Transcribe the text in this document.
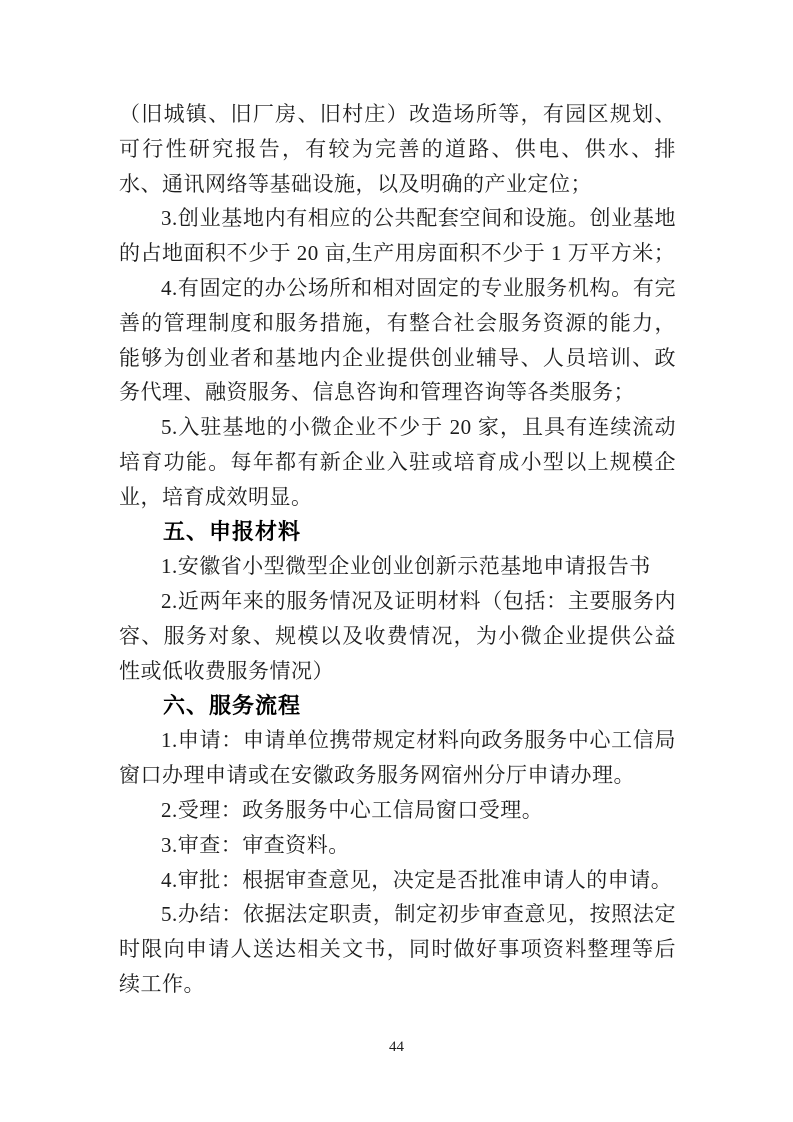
（旧城镇、旧厂房、旧村庄）改造场所等，有园区规划、可行性研究报告，有较为完善的道路、供电、供水、排水、通讯网络等基础设施，以及明确的产业定位；

3.创业基地内有相应的公共配套空间和设施。创业基地的占地面积不少于 20 亩,生产用房面积不少于 1 万平方米；

4.有固定的办公场所和相对固定的专业服务机构。有完善的管理制度和服务措施，有整合社会服务资源的能力，能够为创业者和基地内企业提供创业辅导、人员培训、政务代理、融资服务、信息咨询和管理咨询等各类服务；

5.入驻基地的小微企业不少于 20 家，且具有连续流动培育功能。每年都有新企业入驻或培育成小型以上规模企业，培育成效明显。

五、申报材料

1.安徽省小型微型企业创业创新示范基地申请报告书

2.近两年来的服务情况及证明材料（包括：主要服务内容、服务对象、规模以及收费情况，为小微企业提供公益性或低收费服务情况）

六、服务流程

1.申请：申请单位携带规定材料向政务服务中心工信局窗口办理申请或在安徽政务服务网宿州分厅申请办理。

2.受理：政务服务中心工信局窗口受理。

3.审查：审查资料。

4.审批：根据审查意见，决定是否批准申请人的申请。

5.办结：依据法定职责，制定初步审查意见，按照法定时限向申请人送达相关文书，同时做好事项资料整理等后续工作。

44
